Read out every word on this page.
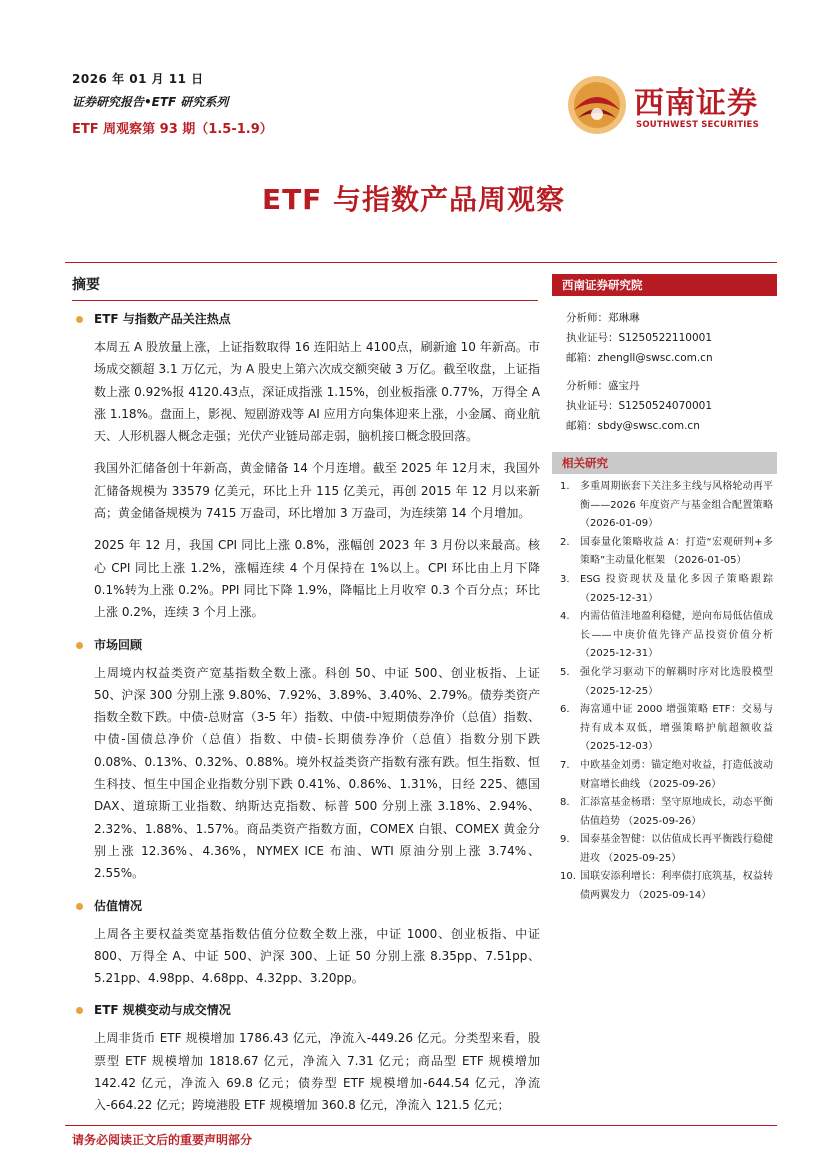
2026 年 01 月 11 日
证券研究报告•ETF 研究系列
ETF 周观察第 93 期（1.5-1.9）
西南证券
SOUTHWEST SECURITIES
ETF 与指数产品周观察
摘要
ETF 与指数产品关注热点
本周五 A 股放量上涨，上证指数取得 16 连阳站上 4100点，刷新逾 10 年新高。市场成交额超 3.1 万亿元，为 A 股史上第六次成交额突破 3 万亿。截至收盘，上证指数上涨 0.92%报 4120.43点，深证成指涨 1.15%，创业板指涨 0.77%，万得全 A 涨 1.18%。盘面上，影视、短剧游戏等 AI 应用方向集体迎来上涨，小金属、商业航天、人形机器人概念走强；光伏产业链局部走弱，脑机接口概念股回落。
我国外汇储备创十年新高，黄金储备 14 个月连增。截至 2025 年 12月末，我国外汇储备规模为 33579 亿美元，环比上升 115 亿美元，再创 2015 年 12 月以来新高；黄金储备规模为 7415 万盎司，环比增加 3 万盎司，为连续第 14 个月增加。
2025 年 12 月，我国 CPI 同比上涨 0.8%，涨幅创 2023 年 3 月份以来最高。核心 CPI 同比上涨 1.2%，涨幅连续 4 个月保持在 1%以上。CPI 环比由上月下降 0.1%转为上涨 0.2%。PPI 同比下降 1.9%，降幅比上月收窄 0.3 个百分点；环比上涨 0.2%，连续 3 个月上涨。
市场回顾
上周境内权益类资产宽基指数全数上涨。科创 50、中证 500、创业板指、上证 50、沪深 300 分别上涨 9.80%、7.92%、3.89%、3.40%、2.79%。债券类资产指数全数下跌。中债-总财富（3-5 年）指数、中债-中短期债券净价（总值）指数、中债-国债总净价（总值）指数、中债-长期债券净价（总值）指数分别下跌 0.08%、0.13%、0.32%、0.88%。境外权益类资产指数有涨有跌。恒生指数、恒生科技、恒生中国企业指数分别下跌 0.41%、0.86%、1.31%，日经 225、德国 DAX、道琼斯工业指数、纳斯达克指数、标普 500 分别上涨 3.18%、2.94%、2.32%、1.88%、1.57%。商品类资产指数方面，COMEX 白银、COMEX 黄金分别上涨 12.36%、4.36%，NYMEX ICE 布油、WTI 原油分别上涨 3.74%、2.55%。
估值情况
上周各主要权益类宽基指数估值分位数全数上涨，中证 1000、创业板指、中证 800、万得全 A、中证 500、沪深 300、上证 50 分别上涨 8.35pp、7.51pp、5.21pp、4.98pp、4.68pp、4.32pp、3.20pp。
ETF 规模变动与成交情况
上周非货币 ETF 规模增加 1786.43 亿元，净流入-449.26 亿元。分类型来看，股票型 ETF 规模增加 1818.67 亿元，净流入 7.31 亿元；商品型 ETF 规模增加 142.42 亿元，净流入 69.8 亿元；债券型 ETF 规模增加-644.54 亿元，净流入-664.22 亿元；跨境港股 ETF 规模增加 360.8 亿元，净流入 121.5 亿元；
西南证券研究院
分析师：郑琳琳
执业证号：S1250522110001
邮箱：zhengll@swsc.com.cn
分析师：盛宝丹
执业证号：S1250524070001
邮箱：sbdy@swsc.com.cn
相关研究
1. 多重周期嵌套下关注多主线与风格轮动再平衡——2026 年度资产与基金组合配置策略 （2026-01-09）
2. 国泰量化策略收益 A：打造“宏观研判+多策略”主动量化框架 （2026-01-05）
3. ESG 投资现状及量化多因子策略跟踪 （2025-12-31）
4. 内需估值洼地盈利稳健，逆向布局低估值成长——中庚价值先锋产品投资价值分析 （2025-12-31）
5. 强化学习驱动下的解耦时序对比选股模型 （2025-12-25）
6. 海富通中证 2000 增强策略 ETF：交易与持有成本双低，增强策略护航超额收益 （2025-12-03）
7. 中欧基金刘勇：锚定绝对收益，打造低波动财富增长曲线 （2025-09-26）
8. 汇添富基金杨瑨：坚守原地成长，动态平衡估值趋势 （2025-09-26）
9. 国泰基金智健：以估值成长再平衡践行稳健进攻 （2025-09-25）
10. 国联安添利增长：利率债打底筑基，权益转债两翼发力 （2025-09-14）
请务必阅读正文后的重要声明部分
